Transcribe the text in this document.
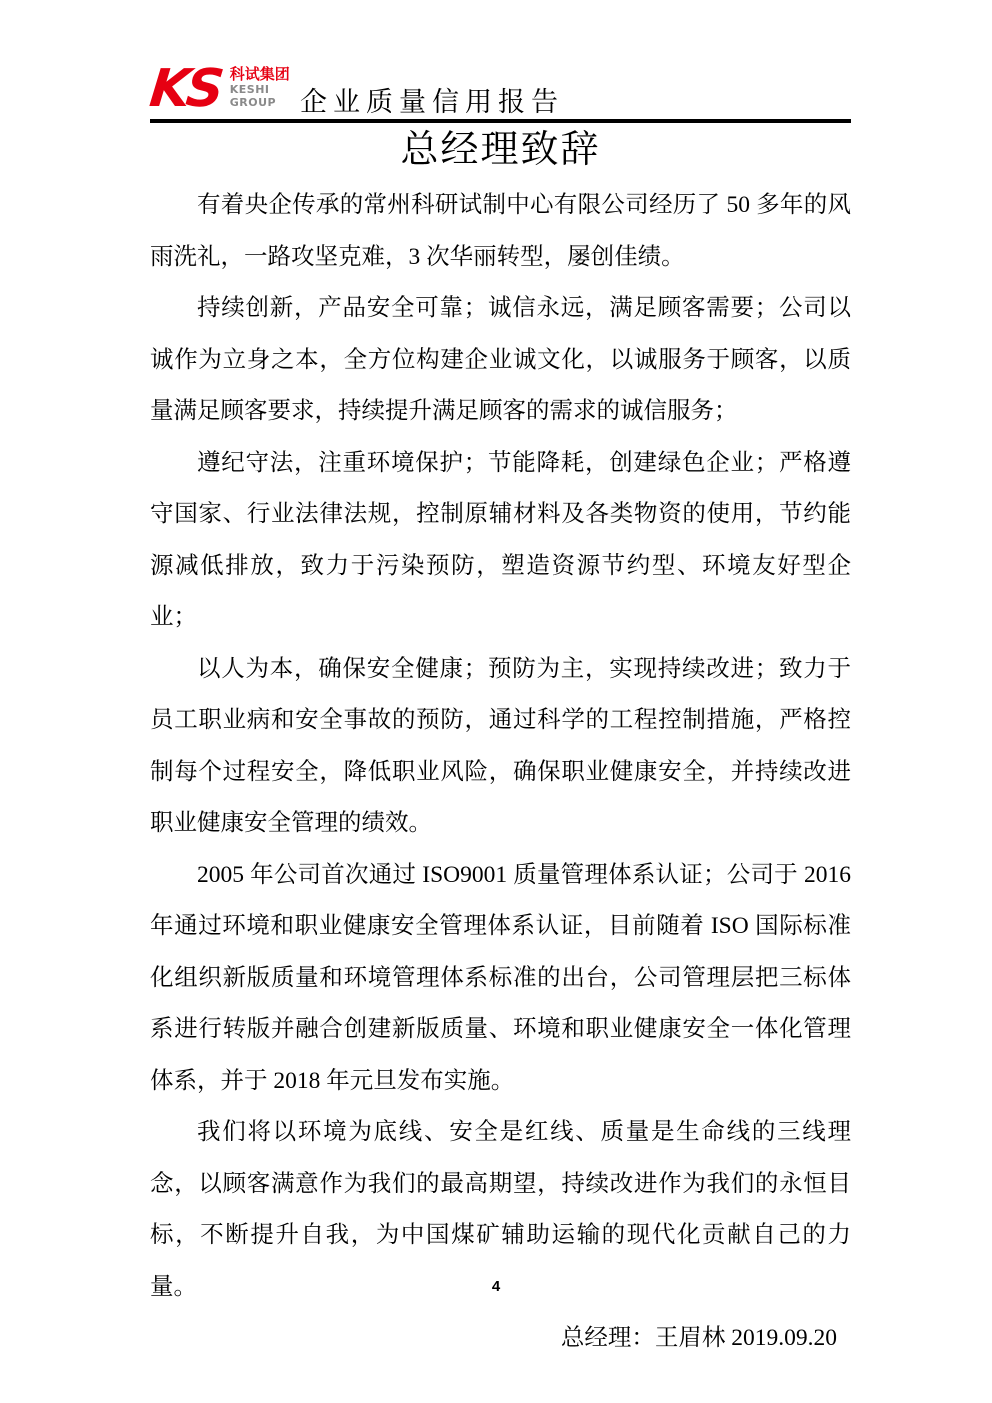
KS 科试集团
KESHI
GROUP 企业质量信用报告
总经理致辞

有着央企传承的常州科研试制中心有限公司经历了 50 多年的风雨洗礼，一路攻坚克难，3 次华丽转型，屡创佳绩。

持续创新，产品安全可靠；诚信永远，满足顾客需要；公司以诚作为立身之本，全方位构建企业诚文化，以诚服务于顾客，以质量满足顾客要求，持续提升满足顾客的需求的诚信服务；

遵纪守法，注重环境保护；节能降耗，创建绿色企业；严格遵守国家、行业法律法规，控制原辅材料及各类物资的使用，节约能源减低排放，致力于污染预防，塑造资源节约型、环境友好型企业；

以人为本，确保安全健康；预防为主，实现持续改进；致力于员工职业病和安全事故的预防，通过科学的工程控制措施，严格控制每个过程安全，降低职业风险，确保职业健康安全，并持续改进职业健康安全管理的绩效。

2005 年公司首次通过 ISO9001 质量管理体系认证；公司于 2016 年通过环境和职业健康安全管理体系认证，目前随着 ISO 国际标准化组织新版质量和环境管理体系标准的出台，公司管理层把三标体系进行转版并融合创建新版质量、环境和职业健康安全一体化管理体系，并于 2018 年元旦发布实施。

我们将以环境为底线、安全是红线、质量是生命线的三线理念，以顾客满意作为我们的最高期望，持续改进作为我们的永恒目标，不断提升自我，为中国煤矿辅助运输的现代化贡献自己的力量。

总经理：王眉林 2019.09.20

4
